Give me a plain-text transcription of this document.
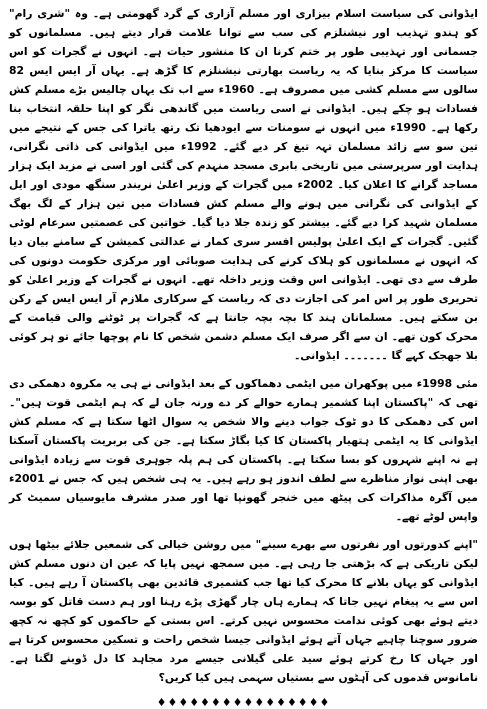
ایڈوانی کی سیاست اسلام بیزاری اور مسلم آزاری کے گرد گھومتی ہے۔ وہ "شری رام" کو ہندو تہذیب اور نیشنلزم کی سب سے توانا علامت قرار دیتے ہیں۔ مسلمانوں کو جسمانی اور تہذیبی طور پر ختم کرنا ان کا منشور حیات ہے۔ انہوں نے گجرات کو اس سیاست کا مرکز بنایا کہ یہ ریاست بھارتی نیشنلزم کا گڑھ ہے۔ یہاں آر ایس ایس 82 سالوں سے مسلم کشی میں مصروف ہے۔ 1960ء سے اب تک یہاں چالیس بڑے مسلم کش فسادات ہو چکے ہیں۔ ایڈوانی نے اسی ریاست میں گاندھی نگر کو اپنا حلقہ انتخاب بنا رکھا ہے۔ 1990ء میں انہوں نے سومنات سے ایودھیا تک رتھ یاترا کی جس کے نتیجے میں تین سو سے زائد مسلمان تہہ تیغ کر دیے گئے۔ 1992ء میں ایڈوانی کی ذاتی نگرانی، ہدایت اور سرپرستی میں تاریخی بابری مسجد منہدم کی گئی اور اسی نے مزید ایک ہزار مساجد گرانے کا اعلان کیا۔ 2002ء میں گجرات کے وزیر اعلیٰ نریندر سنگھ مودی اور ایل کے ایڈوانی کی نگرانی میں ہونے والے مسلم کش فسادات میں تین ہزار کے لگ بھگ مسلمان شہید کرا دیے گئے۔ بیشتر کو زندہ جلا دیا گیا۔ خواتین کی عصمتیں سرعام لوٹی گئیں۔ گجرات کے ایک اعلیٰ پولیس افسر سری کمار نے عدالتی کمیشن کے سامنے بیان دیا کہ انہوں نے مسلمانوں کو ہلاک کرنے کی ہدایت صوبائی اور مرکزی حکومت دونوں کی طرف سے دی تھی۔ ایڈوانی اس وقت وزیر داخلہ تھے۔ انہوں نے گجرات کے وزیر اعلیٰ کو تحریری طور پر اس امر کی اجازت دی کہ ریاست کے سرکاری ملازم آر ایس ایس کے رکن بن سکتے ہیں۔ مسلمانان ہند کا بچہ بچہ جانتا ہے کہ گجرات پر ٹوٹنے والی قیامت کے محرک کون تھے۔ ان سے اگر صرف ایک مسلم دشمن شخص کا نام پوچھا جائے تو ہر کوئی بلا جھجک کہے گا ۔۔۔۔۔۔۔ ایڈوانی۔

مئی 1998ء میں پوکھران میں ایٹمی دھماکوں کے بعد ایڈوانی نے ہی یہ مکروہ دھمکی دی تھی کہ "پاکستان اپنا کشمیر ہمارے حوالے کر دے ورنہ جان لے کہ ہم ایٹمی قوت ہیں"۔ اس کی دھمکی کا دو ٹوک جواب دینے والا شخص یہ سوال اٹھا سکتا ہے کہ مسلم کش ایڈوانی کا یہ ایٹمی ہتھیار پاکستان کا کیا بگاڑ سکتا ہے۔ جن کی بربریت پاکستان آسکتا ہے نہ اپنے شہروں کو بسا سکتا ہے۔ پاکستان کی ہم پلہ جوہری قوت سے زیادہ ایڈوانی بھی اپنی نواز مناظرے سے لطف اندوز ہو رہے ہیں۔ یہ ہی شخص ہیں کہ جس نے 2001ء میں آگرہ مذاکرات کی پیٹھ میں خنجر گھونپا تھا اور صدر مشرف مایوسیاں سمیٹ کر واپس لوٹے تھے۔

"اپنے کدورتوں اور نفرتوں سے بھرے سینے" میں روشن خیالی کی شمعیں جلائے بیٹھا ہوں لیکن تاریکی ہے کہ بڑھتی جا رہی ہے۔ میں سمجھ نہیں پایا کہ عین ان دنوں مسلم کش ایڈوانی کو یہاں بلانے کا محرک کیا تھا جب کشمیری قائدین بھی پاکستان آ رہے ہیں۔ کیا اس سے یہ پیغام نہیں جاتا کہ ہمارے ہاں چار گھڑی پڑے رہنا اور ہم دست قاتل کو بوسہ دیتے ہوئے بھی کوئی ندامت محسوس نہیں کرتے۔ اس بستی کے حاکموں کو کچھ نہ کچھ ضرور سوچنا چاہیے جہاں آتے ہوئے ایڈوانی جیسا شخص راحت و تسکین محسوس کرتا ہے اور جہاں کا رخ کرتے ہوئے سید علی گیلانی جیسے مرد مجاہد کا دل ڈوبنے لگتا ہے۔ نامانوس قدموں کی آہٹوں سے بستیاں سہمی ہیں کیا کریں؟

♦♦♦♦♦♦♦♦♦♦♦♦♦♦♦♦
